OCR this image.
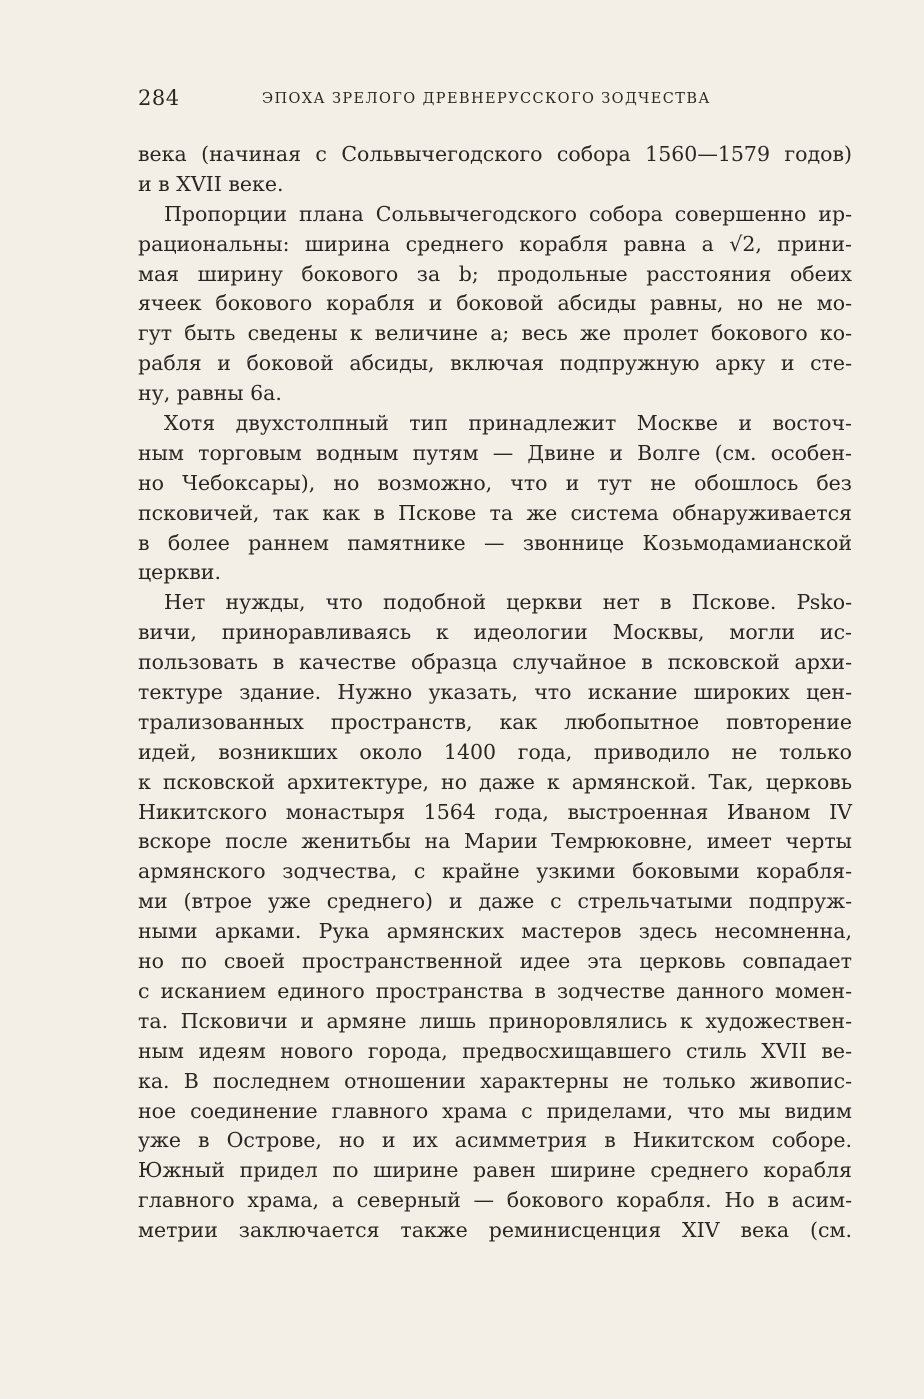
284	ЭПОХА ЗРЕЛОГО ДРЕВНЕРУССКОГО ЗОДЧЕСТВА
века (начиная с Сольвычегодского собора 1560—1579 годов)
и в XVII веке.
Пропорции плана Сольвычегодского собора совершенно ир-
рациональны: ширина среднего корабля равна a √2, прини-
мая ширину бокового за b; продольные расстояния обеих
ячеек бокового корабля и боковой абсиды равны, но не мо-
гут быть сведены к величине a; весь же пролет бокового ко-
рабля и боковой абсиды, включая подпружную арку и сте-
ну, равны 6a.
Хотя двухстолпный тип принадлежит Москве и восточ-
ным торговым водным путям — Двине и Волге (см. особен-
но Чебоксары), но возможно, что и тут не обошлось без
псковичей, так как в Пскове та же система обнаруживается
в более раннем памятнике — звоннице Козьмодамианской
церкви.
Нет нужды, что подобной церкви нет в Пскове. Psko-
вичи, приноравливаясь к идеологии Москвы, могли ис-
пользовать в качестве образца случайное в псковской архи-
тектуре здание. Нужно указать, что искание широких цен-
трализованных пространств, как любопытное повторение
идей, возникших около 1400 года, приводило не только
к псковской архитектуре, но даже к армянской. Так, церковь
Никитского монастыря 1564 года, выстроенная Иваном IV
вскоре после женитьбы на Марии Темрюковне, имеет черты
армянского зодчества, с крайне узкими боковыми корабля-
ми (втрое уже среднего) и даже с стрельчатыми подпруж-
ными арками. Рука армянских мастеров здесь несомненна,
но по своей пространственной идее эта церковь совпадает
с исканием единого пространства в зодчестве данного момен-
та. Псковичи и армяне лишь приноровлялись к художествен-
ным идеям нового города, предвосхищавшего стиль XVII ве-
ка. В последнем отношении характерны не только живопис-
ное соединение главного храма с приделами, что мы видим
уже в Острове, но и их асимметрия в Никитском соборе.
Южный придел по ширине равен ширине среднего корабля
главного храма, а северный — бокового корабля. Но в асим-
метрии заключается также реминисценция XIV века (см.
